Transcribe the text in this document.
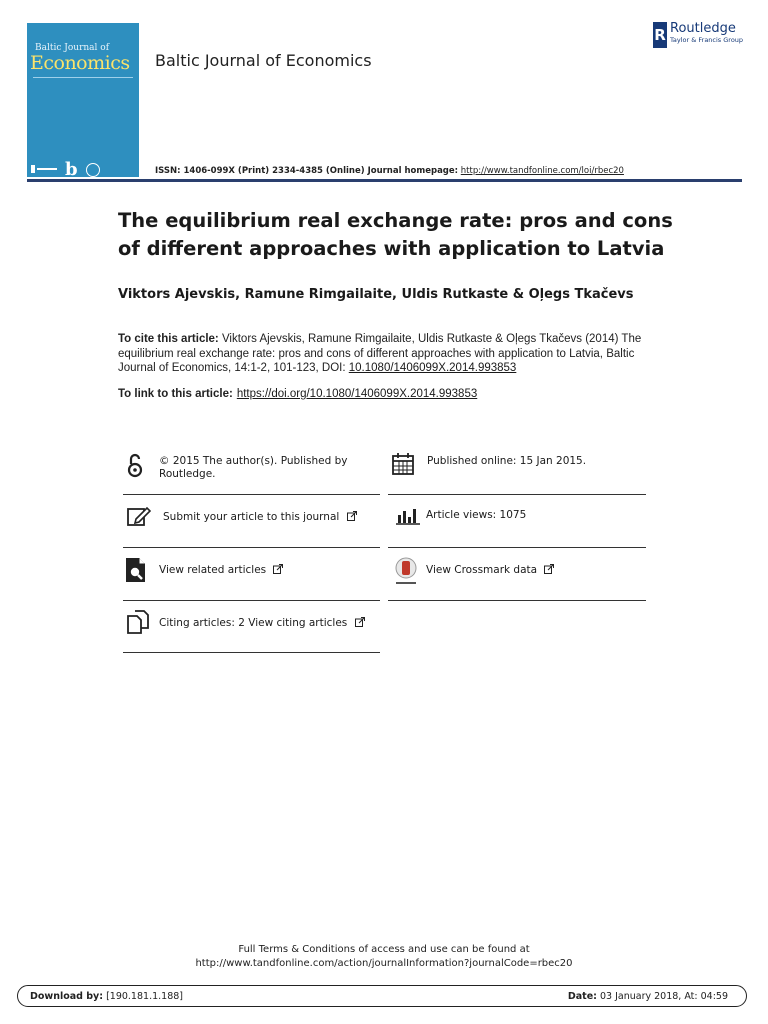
Baltic Journal of
Economics
b
Baltic Journal of Economics
R Routledge
Taylor & Francis Group
ISSN: 1406-099X (Print) 2334-4385 (Online) Journal homepage: http://www.tandfonline.com/loi/rbec20
The equilibrium real exchange rate: pros and cons of different approaches with application to Latvia
Viktors Ajevskis, Ramune Rimgailaite, Uldis Rutkaste & Oļegs Tkačevs
To cite this article: Viktors Ajevskis, Ramune Rimgailaite, Uldis Rutkaste & Oļegs Tkačevs (2014) The equilibrium real exchange rate: pros and cons of different approaches with application to Latvia, Baltic Journal of Economics, 14:1-2, 101-123, DOI: 10.1080/1406099X.2014.993853
To link to this article: https://doi.org/10.1080/1406099X.2014.993853
© 2015 The author(s). Published by
Routledge.
Published online: 15 Jan 2015.
Submit your article to this journal	Article views: 1075
View related articles	View Crossmark data
Citing articles: 2 View citing articles
Full Terms & Conditions of access and use can be found at
http://www.tandfonline.com/action/journalInformation?journalCode=rbec20
Download by: [190.181.1.188]	Date: 03 January 2018, At: 04:59
